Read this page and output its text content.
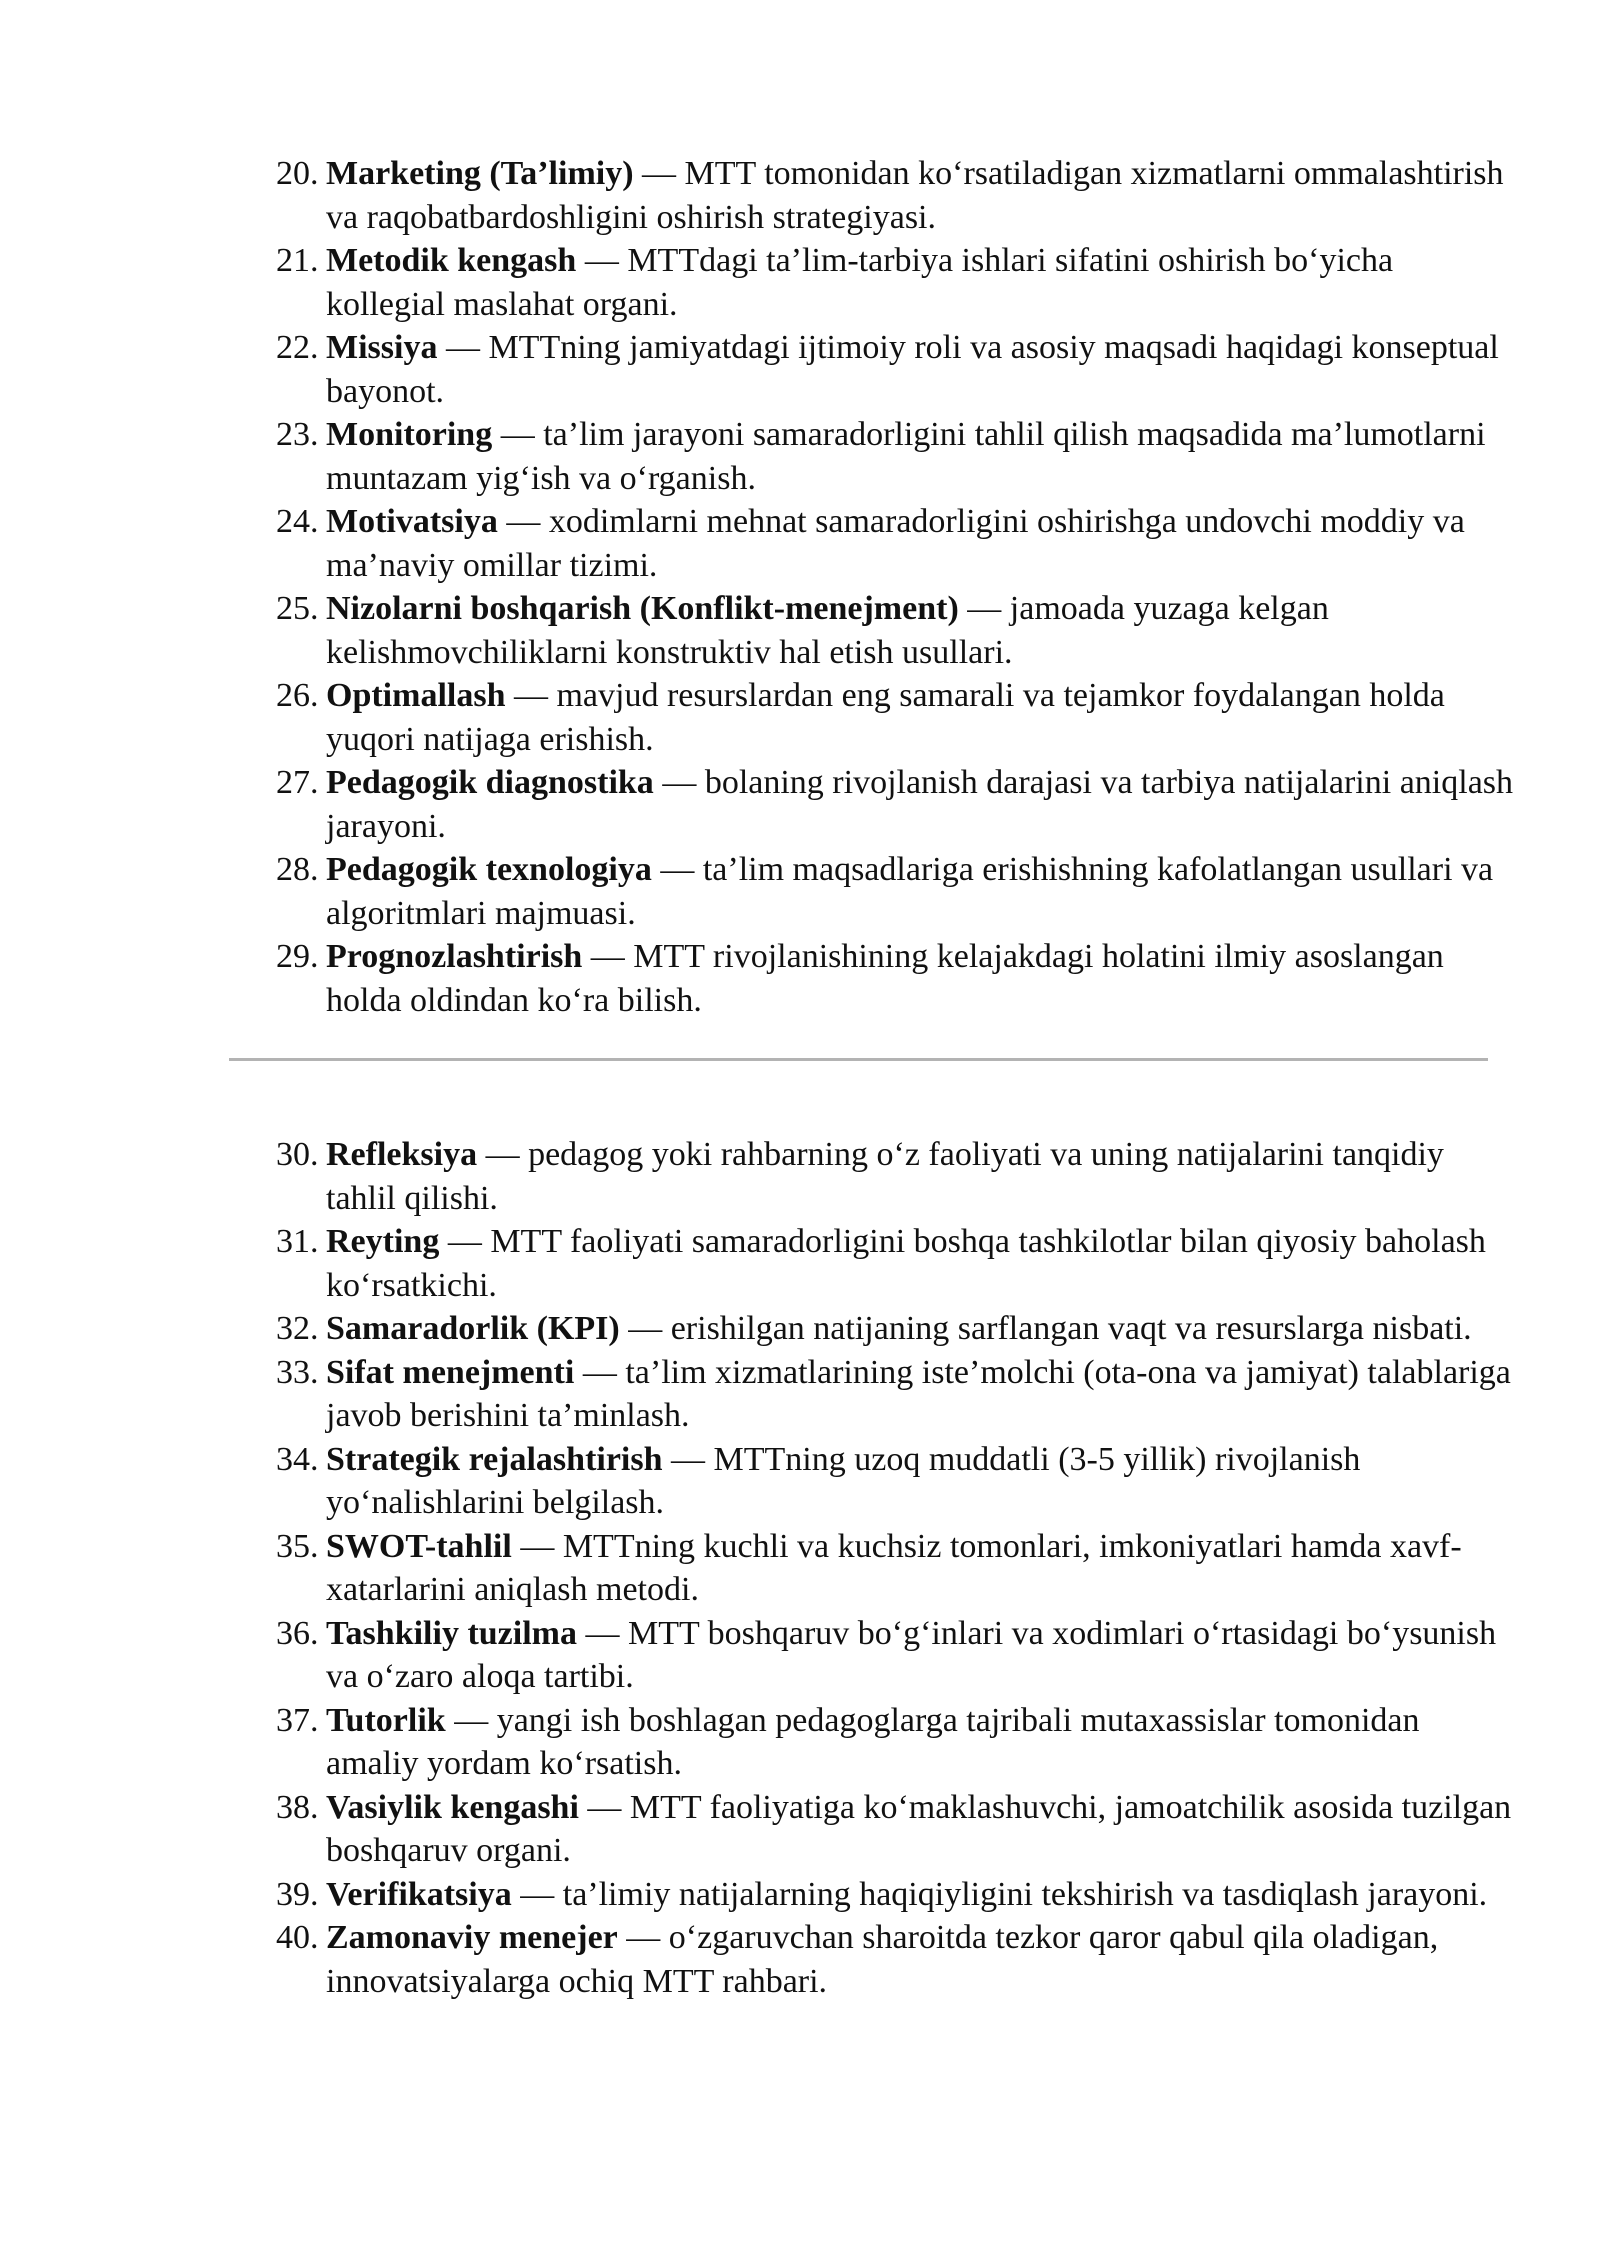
20. Marketing (Ta’limiy) — MTT tomonidan ko‘rsatiladigan xizmatlarni ommalashtirish va raqobatbardoshligini oshirish strategiyasi.
21. Metodik kengash — MTTdagi ta’lim-tarbiya ishlari sifatini oshirish bo‘yicha kollegial maslahat organi.
22. Missiya — MTTning jamiyatdagi ijtimoiy roli va asosiy maqsadi haqidagi konseptual bayonot.
23. Monitoring — ta’lim jarayoni samaradorligini tahlil qilish maqsadida ma’lumotlarni muntazam yig‘ish va o‘rganish.
24. Motivatsiya — xodimlarni mehnat samaradorligini oshirishga undovchi moddiy va ma’naviy omillar tizimi.
25. Nizolarni boshqarish (Konflikt-menejment) — jamoada yuzaga kelgan kelishmovchiliklarni konstruktiv hal etish usullari.
26. Optimallash — mavjud resurslardan eng samarali va tejamkor foydalangan holda yuqori natijaga erishish.
27. Pedagogik diagnostika — bolaning rivojlanish darajasi va tarbiya natijalarini aniqlash jarayoni.
28. Pedagogik texnologiya — ta’lim maqsadlariga erishishning kafolatlangan usullari va algoritmlari majmuasi.
29. Prognozlashtirish — MTT rivojlanishining kelajakdagi holatini ilmiy asoslangan holda oldindan ko‘ra bilish.
30. Refleksiya — pedagog yoki rahbarning o‘z faoliyati va uning natijalarini tanqidiy tahlil qilishi.
31. Reyting — MTT faoliyati samaradorligini boshqa tashkilotlar bilan qiyosiy baholash ko‘rsatkichi.
32. Samaradorlik (KPI) — erishilgan natijaning sarflangan vaqt va resurslarga nisbati.
33. Sifat menejmenti — ta’lim xizmatlarining iste’molchi (ota-ona va jamiyat) talablariga javob berishini ta’minlash.
34. Strategik rejalashtirish — MTTning uzoq muddatli (3-5 yillik) rivojlanish yo‘nalishlarini belgilash.
35. SWOT-tahlil — MTTning kuchli va kuchsiz tomonlari, imkoniyatlari hamda xavf-xatarlarini aniqlash metodi.
36. Tashkiliy tuzilma — MTT boshqaruv bo‘g‘inlari va xodimlari o‘rtasidagi bo‘ysunish va o‘zaro aloqa tartibi.
37. Tutorlik — yangi ish boshlagan pedagoglarga tajribali mutaxassislar tomonidan amaliy yordam ko‘rsatish.
38. Vasiylik kengashi — MTT faoliyatiga ko‘maklashuvchi, jamoatchilik asosida tuzilgan boshqaruv organi.
39. Verifikatsiya — ta’limiy natijalarning haqiqiyligini tekshirish va tasdiqlash jarayoni.
40. Zamonaviy menejer — o‘zgaruvchan sharoitda tezkor qaror qabul qila oladigan, innovatsiyalarga ochiq MTT rahbari.
